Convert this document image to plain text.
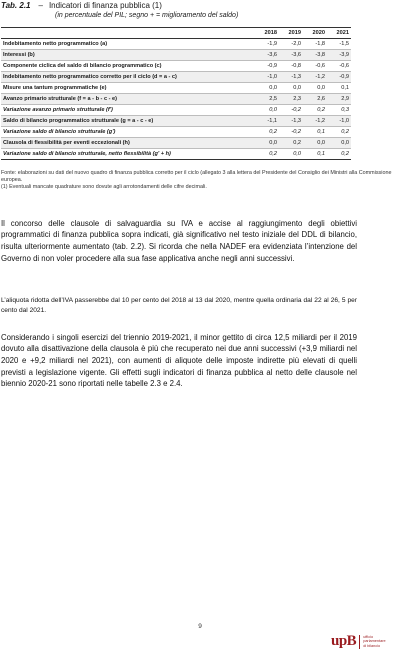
Tab. 2.1 – Indicatori di finanza pubblica (1)
(in percentuale del PIL; segno + = miglioramento del saldo)
	2018	2019	2020	2021
Indebitamento netto programmatico (a)	-1,9	-2,0	-1,8	-1,5
Interessi (b)	-3,6	-3,6	-3,8	-3,9
Componente ciclica del saldo di bilancio programmatico (c)	-0,9	-0,8	-0,6	-0,6
Indebitamento netto programmatico corretto per il ciclo (d = a - c)	-1,0	-1,3	-1,2	-0,9
Misure una tantum programmatiche (e)	0,0	0,0	0,0	0,1
Avanzo primario strutturale (f = a - b - c - e)	2,5	2,3	2,6	2,9
Variazione avanzo primario strutturale (f')	0,0	-0,2	0,2	0,3
Saldo di bilancio programmatico strutturale (g = a - c - e)	-1,1	-1,3	-1,2	-1,0
Variazione saldo di bilancio strutturale (g')	0,2	-0,2	0,1	0,2
Clausola di flessibilità per eventi eccezionali (h)	0,0	0,2	0,0	0,0
Variazione saldo di bilancio strutturale, netto flessibilità (g' + h)	0,2	0,0	0,1	0,2

Fonte: elaborazioni su dati del nuovo quadro di finanza pubblica corretto per il ciclo (allegato 3 alla lettera del Presidente del Consiglio dei Ministri alla Commissione europea.

(1) Eventuali mancate quadrature sono dovute agli arrotondamenti delle cifre decimali.

Il concorso delle clausole di salvaguardia su IVA e accise al raggiungimento degli obiettivi programmatici di finanza pubblica sopra indicati, già significativo nel testo iniziale del DDL di bilancio, risulta ulteriormente aumentato (tab. 2.2). Si ricorda che nella NADEF era evidenziata l’intenzione del Governo di non voler procedere alla sua fase applicativa anche negli anni successivi.

L’aliquota ridotta dell’IVA passerebbe dal 10 per cento del 2018 al 13 dal 2020, mentre quella ordinaria dal 22 al 26, 5 per cento dal 2021.

Considerando i singoli esercizi del triennio 2019-2021, il minor gettito di circa 12,5 miliardi per il 2019 dovuto alla disattivazione della clausola è più che recuperato nei due anni successivi (+3,9 miliardi nel 2020 e +9,2 miliardi nel 2021), con aumenti di aliquote delle imposte indirette più elevati di quelli previsti a legislazione vigente. Gli effetti sugli indicatori di finanza pubblica al netto delle clausole nel biennio 2020-21 sono riportati nelle tabelle 2.3 e 2.4.

9
upB ufficio
parlamentare
di bilancio
